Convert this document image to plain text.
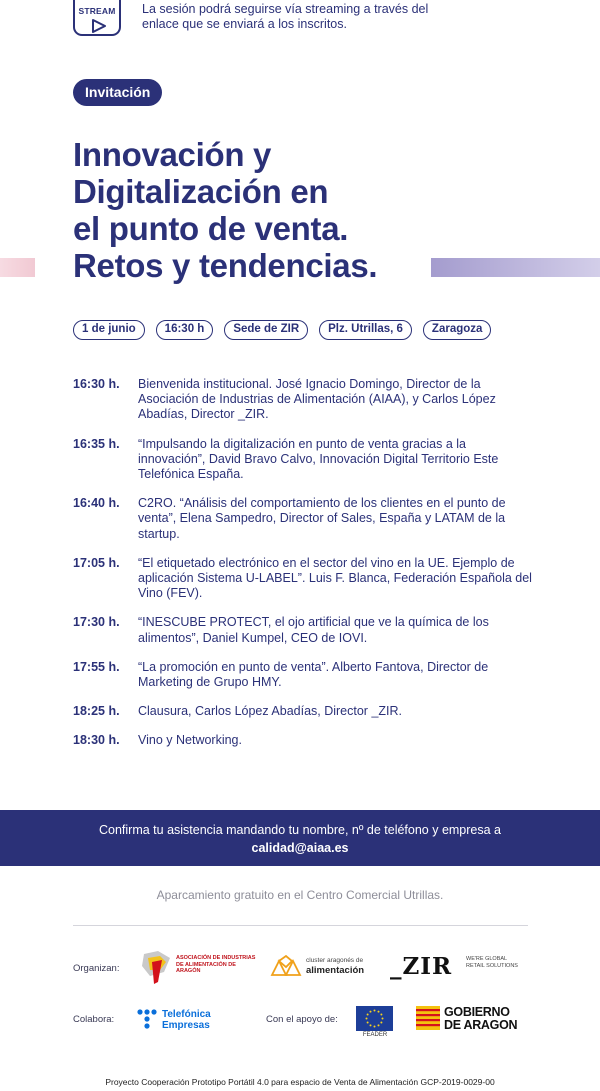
STREAM La sesión podrá seguirse vía streaming a través del enlace que se enviará a los inscritos.
Invitación
Innovación y
Digitalización en
el punto de venta.
Retos y tendencias.
1 de junio	16:30 h	Sede de ZIR	Plz. Utrillas, 6	Zaragoza
16:30 h.	Bienvenida institucional. José Ignacio Domingo, Director de la Asociación de Industrias de Alimentación (AIAA), y Carlos López Abadías, Director _ZIR.
16:35 h.	“Impulsando la digitalización en punto de venta gracias a la innovación”, David Bravo Calvo, Innovación Digital Territorio Este Telefónica España.
16:40 h.	C2RO. “Análisis del comportamiento de los clientes en el punto de venta”, Elena Sampedro, Director of Sales, España y LATAM de la startup.
17:05 h.	“El etiquetado electrónico en el sector del vino en la UE. Ejemplo de aplicación Sistema U-LABEL”. Luis F. Blanca, Federación Española del Vino (FEV).
17:30 h.	“INESCUBE PROTECT, el ojo artificial que ve la química de los alimentos”, Daniel Kumpel, CEO de IOVI.
17:55 h.	“La promoción en punto de venta”. Alberto Fantova, Director de Marketing de Grupo HMY.
18:25 h.	Clausura, Carlos López Abadías, Director _ZIR.
18:30 h.	Vino y Networking.
Confirma tu asistencia mandando tu nombre, nº de teléfono y empresa a
calidad@aiaa.es
Aparcamiento gratuito en el Centro Comercial Utrillas.
Organizan:
ASOCIACIÓN DE INDUSTRIAS DE ALIMENTACIÓN DE ARAGÓN
cluster aragonés de
alimentación _ZIR	WE'RE GLOBAL RETAIL SOLUTIONS
Colabora:	Telefónica
Empresas
Con el apoyo de:
FEADER
GOBIERNO
DE ARAGON
Proyecto Cooperación Prototipo Portátil 4.0 para espacio de Venta de Alimentación GCP-2019-0029-00
